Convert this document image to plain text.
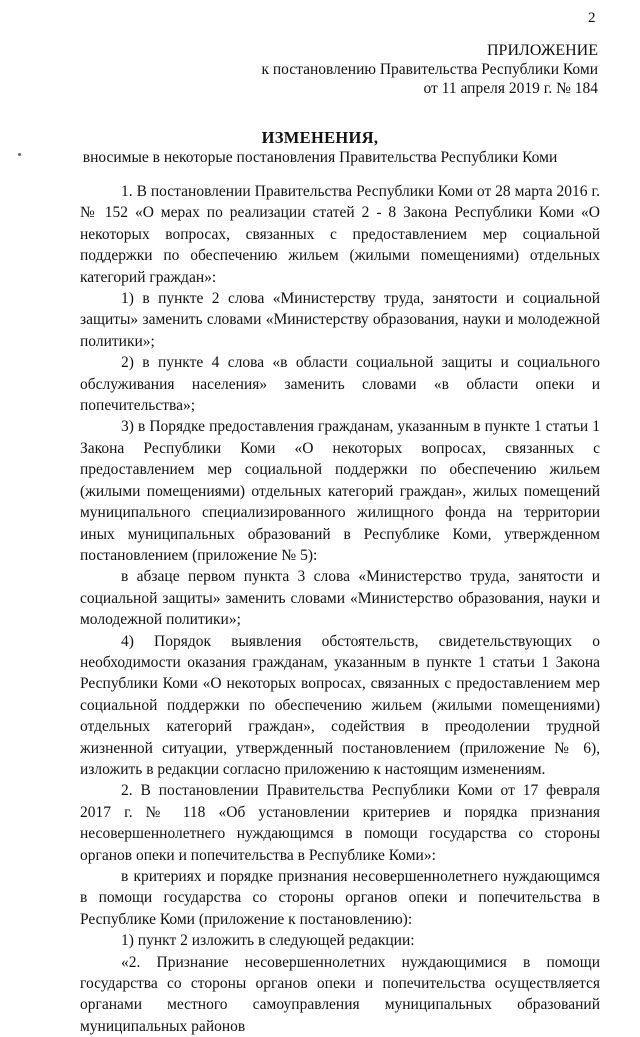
2
ПРИЛОЖЕНИЕ
к постановлению Правительства Республики Коми
от 11 апреля 2019 г. № 184
ИЗМЕНЕНИЯ,
вносимые в некоторые постановления Правительства Республики Коми

1. В постановлении Правительства Республики Коми от 28 марта 2016 г. № 152 «О мерах по реализации статей 2 - 8 Закона Республики Коми «О некоторых вопросах, связанных с предоставлением мер социальной поддержки по обеспечению жильем (жилыми помещениями) отдельных категорий граждан»:

1) в пункте 2 слова «Министерству труда, занятости и социальной защиты» заменить словами «Министерству образования, науки и молодежной политики»;

2) в пункте 4 слова «в области социальной защиты и социального обслуживания населения» заменить словами «в области опеки и попечительства»;

3) в Порядке предоставления гражданам, указанным в пункте 1 статьи 1 Закона Республики Коми «О некоторых вопросах, связанных с предоставлением мер социальной поддержки по обеспечению жильем (жилыми помещениями) отдельных категорий граждан», жилых помещений муниципального специализированного жилищного фонда на территории иных муниципальных образований в Республике Коми, утвержденном постановлением (приложение № 5):

в абзаце первом пункта 3 слова «Министерство труда, занятости и социальной защиты» заменить словами «Министерство образования, науки и молодежной политики»;

4) Порядок выявления обстоятельств, свидетельствующих о необходимости оказания гражданам, указанным в пункте 1 статьи 1 Закона Республики Коми «О некоторых вопросах, связанных с предоставлением мер социальной поддержки по обеспечению жильем (жилыми помещениями) отдельных категорий граждан», содействия в преодолении трудной жизненной ситуации, утвержденный постановлением (приложение № 6), изложить в редакции согласно приложению к настоящим изменениям.

2. В постановлении Правительства Республики Коми от 17 февраля 2017 г. № 118 «Об установлении критериев и порядка признания несовершеннолетнего нуждающимся в помощи государства со стороны органов опеки и попечительства в Республике Коми»:

в критериях и порядке признания несовершеннолетнего нуждающимся в помощи государства со стороны органов опеки и попечительства в Республике Коми (приложение к постановлению):

1) пункт 2 изложить в следующей редакции:

«2. Признание несовершеннолетних нуждающимися в помощи государства со стороны органов опеки и попечительства осуществляется органами местного самоуправления муниципальных образований муниципальных районов
